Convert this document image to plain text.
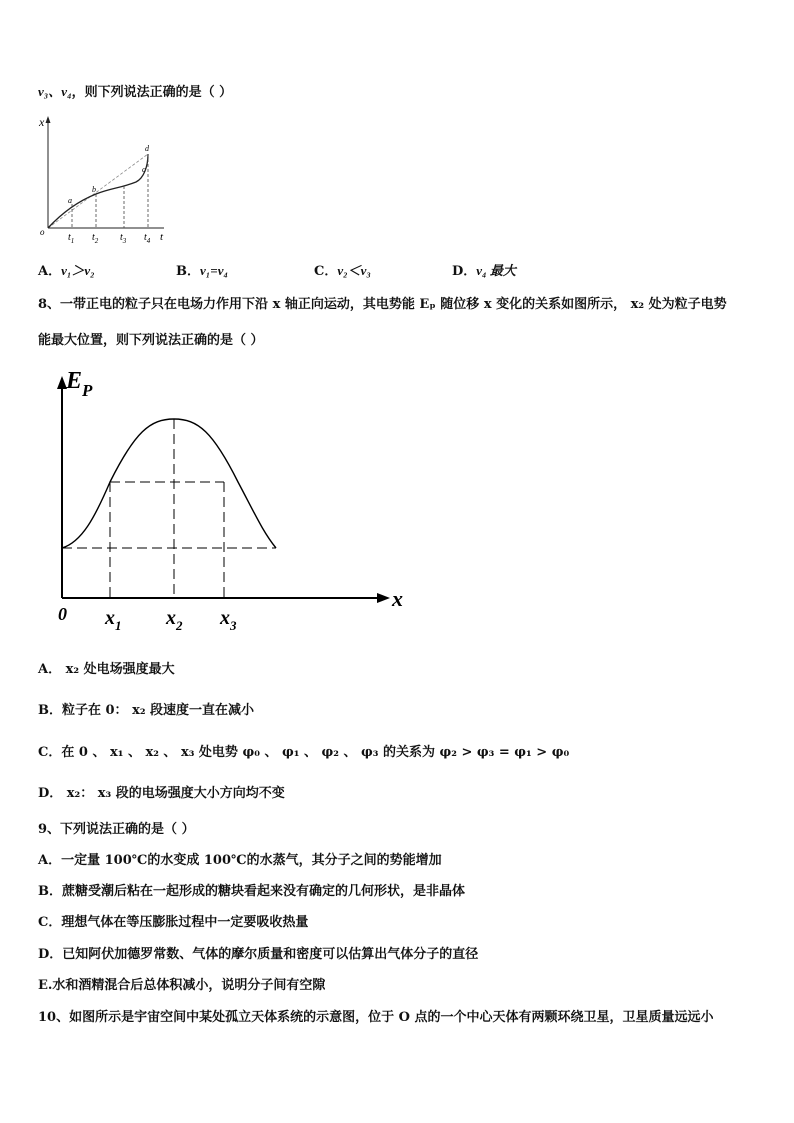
v₃、v₄，则下列说法正确的是（ ）
x
t
o
a
b
c
d
$t_1$ $t_2$ $t_3$ $t_4$
A．v₁＞v₂	B．v₁=v₄	C．v₂＜v₃	D．v₄ 最大
8、一带正电的粒子只在电场力作用下沿 x 轴正向运动，其电势能 Eₚ 随位移 x 变化的关系如图所示， x₂ 处为粒子电势
能最大位置，则下列说法正确的是（ ）
$E_P$
x
0 $x_1$ $x_2$ $x_3$
A． x₂ 处电场强度最大
B．粒子在 0： x₂ 段速度一直在减小
C．在 0 、 x₁ 、 x₂ 、 x₃ 处电势 φ₀ 、 φ₁ 、 φ₂ 、 φ₃ 的关系为 φ₂ > φ₃ = φ₁ > φ₀
D． x₂： x₃ 段的电场强度大小方向均不变
9、下列说法正确的是（ ）
A．一定量 100℃的水变成 100℃的水蒸气，其分子之间的势能增加
B．蔗糖受潮后粘在一起形成的糖块看起来没有确定的几何形状，是非晶体
C．理想气体在等压膨胀过程中一定要吸收热量
D．已知阿伏加德罗常数、气体的摩尔质量和密度可以估算出气体分子的直径
E.水和酒精混合后总体积减小，说明分子间有空隙
10、如图所示是宇宙空间中某处孤立天体系统的示意图，位于 O 点的一个中心天体有两颗环绕卫星，卫星质量远远小
